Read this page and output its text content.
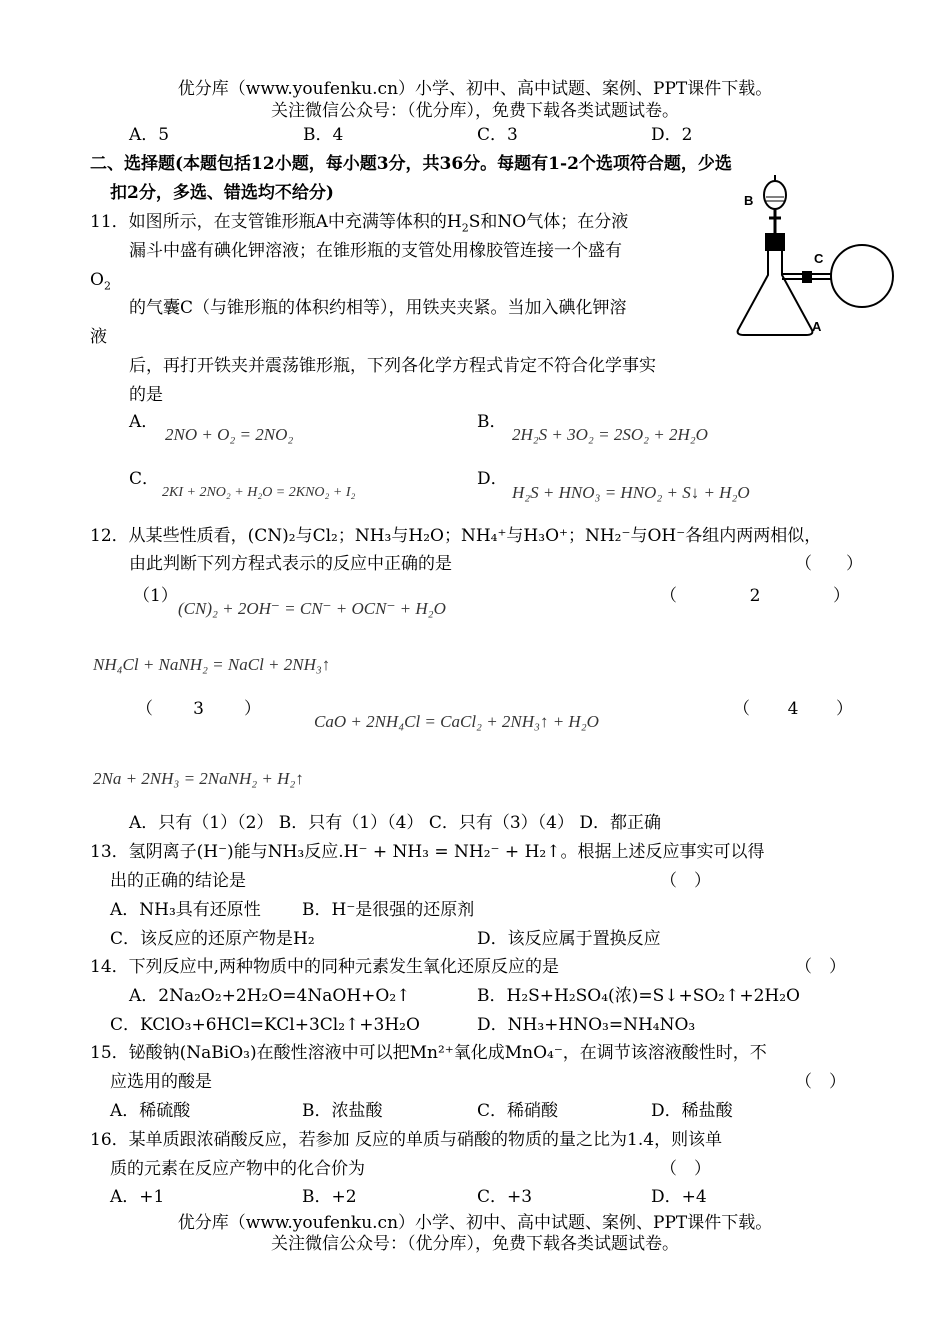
优分库（www.youfenku.cn）小学、初中、高中试题、案例、PPT课件下载。
关注微信公众号：（优分库），免费下载各类试题试卷。
A．5	B．4	C．3	D．2
二、选择题(本题包括12小题，每小题3分，共36分。每题有1-2个选项符合题，少选
扣2分，多选、错选均不给分)
11．如图所示，在支管锥形瓶A中充满等体积的$H_2S$和NO气体；在分液
漏斗中盛有碘化钾溶液；在锥形瓶的支管处用橡胶管连接一个盛有
$O_2$
的气囊C（与锥形瓶的体积约相等），用铁夹夹紧。当加入碘化钾溶
液
后，再打开铁夹并震荡锥形瓶，下列各化学方程式肯定不符合化学事实
的是
B
C
A
A．
2NO + O₂ = 2NO₂
B．
2H₂S + 3O₂ = 2SO₂ + 2H₂O
C．
2KI + 2NO₂ + H₂O = 2KNO₂ + I₂
D．
H₂S + HNO₃ = HNO₂ + S↓ + H₂O
12．从某些性质看，(CN)₂与Cl₂；NH₃与H₂O；NH₄⁺与H₃O⁺；NH₂⁻与OH⁻各组内两两相似，
由此判断下列方程式表示的反应中正确的是	（　　）
（1）
(CN)₂ + 2OH⁻ = CN⁻ + OCN⁻ + H₂O
（	2	）
NH₄Cl + NaNH₂ = NaCl + 2NH₃↑
（ 3 ）
CaO + 2NH₄Cl = CaCl₂ + 2NH₃↑ + H₂O
（ 4 ）
2Na + 2NH₃ = 2NaNH₂ + H₂↑
A．只有（1）（2） B．只有（1）（4） C．只有（3）（4） D．都正确
13．氢阴离子(H⁻)能与NH₃反应.H⁻ + NH₃ = NH₂⁻ + H₂↑。根据上述反应事实可以得
出的正确的结论是	（　）
A．NH₃具有还原性 B．H⁻是很强的还原剂
C．该反应的还原产物是H₂	D．该反应属于置换反应
14．下列反应中,两种物质中的同种元素发生氧化还原反应的是	（　）
A．2Na₂O₂+2H₂O=4NaOH+O₂↑	B．H₂S+H₂SO₄(浓)=S↓+SO₂↑+2H₂O
C．KClO₃+6HCl=KCl+3Cl₂↑+3H₂O	D．NH₃+HNO₃=NH₄NO₃
15．铋酸钠(NaBiO₃)在酸性溶液中可以把Mn²⁺氧化成MnO₄⁻，在调节该溶液酸性时，不
应选用的酸是	（　）
A．稀硫酸	B．浓盐酸	C．稀硝酸	D．稀盐酸
16．某单质跟浓硝酸反应，若参加 反应的单质与硝酸的物质的量之比为1.4，则该单
质的元素在反应产物中的化合价为	（　）
A．+1	B．+2	C．+3	D．+4
优分库（www.youfenku.cn）小学、初中、高中试题、案例、PPT课件下载。
关注微信公众号：（优分库），免费下载各类试题试卷。
